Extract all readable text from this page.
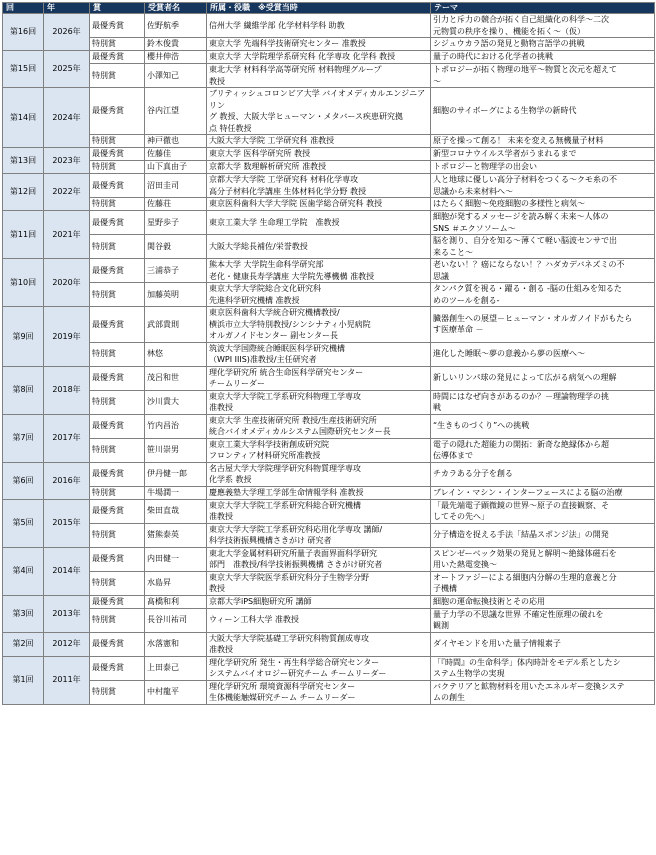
回	年	賞	受賞者名	所属・役職　※受賞当時	テーマ
第16回	2026年	最優秀賞	佐野航季	信州大学 繊維学部 化学材料学科 助教	引力と斥力の競合が拓く自己組織化の科学～二次
元物質の秩序を操り、機能を拓く～（仮）
		特別賞	鈴木俊貴	東京大学 先端科学技術研究センター 准教授	シジュウカラ語の発見と動物言語学の挑戦
第15回	2025年	最優秀賞	櫻井伸浩	東京大学 大学院理学系研究科 化学専攻 化学科 教授	量子の時代における化学者の挑戦
		特別賞	小澤知己	東北大学 材料科学高等研究所 材料物理グループ
教授	トポロジーが拓く物理の地平～物質と次元を超えて
～
第14回	2024年	最優秀賞	谷内江望	ブリティッシュコロンビア大学 バイオメディカルエンジニアリン
グ 教授、大阪大学ヒューマン・メタバース疾患研究拠
点 特任教授	細胞のサイボーグによる生物学の新時代
		特別賞	神戸徹也	大阪大学大学院 工学研究科 准教授	原子を操って創る！ 未来を変える無機量子材料
第13回	2023年	最優秀賞	佐藤佳	東京大学 医科学研究所 教授	新型コロナウイルス学者がうまれるまで
		特別賞	山下真由子	京都大学 数理解析研究所 准教授	トポロジーと物理学の出会い
第12回	2022年	最優秀賞	沼田圭司	京都大学大学院 工学研究科 材料化学専攻
高分子材料化学講座 生体材料化学分野 教授	人と地球に優しい高分子材料をつくる～クモ糸の不
思議から未来材料へ～
		特別賞	佐藤荘	東京医科歯科大学大学院 医歯学総合研究科 教授	はたらく細胞～免疫細胞の多様性と病気～
第11回	2021年	最優秀賞	星野歩子	東京工業大学 生命理工学院　准教授	細胞が発するメッセージを読み解く未来～人体の
SNS ＃エクソソーム～
		特別賞	関谷毅	大阪大学総長補佐/栄誉教授	脳を測り、自分を知る～薄くて軽い脳波センサで出
来ること～
第10回	2020年	最優秀賞	三浦恭子	熊本大学 大学院生命科学研究部
老化・健康長寿学講座 大学院先導機構 准教授	老いない！？癌にならない！？ハダカデバネズミの不
思議
		特別賞	加藤英明	東京大学大学院総合文化研究科
先進科学研究機構 准教授	タンパク質を視る・躍る・創る -脳の仕組みを知るた
めのツールを創る-
第9回	2019年	最優秀賞	武部貴則	東京医科歯科大学統合研究機構教授/
横浜市立大学特別教授/シンシナティ小児病院
オルガノイドセンター 副センター長	臓器創生への展望－ヒューマン・オルガノイドがもたら
す医療革命 －
		特別賞	林悠	筑波大学国際統合睡眠医科学研究機構
（WPI IIIS)准教授/主任研究者	進化した睡眠～夢の意義から夢の医療へ～
第8回	2018年	最優秀賞	茂呂和世	理化学研究所 統合生命医科学研究センター
チームリーダー	新しいリンパ球の発見によって広がる病気への理解
		特別賞	沙川貴大	東京大学大学院工学系研究科物理工学専攻
准教授	時間にはなぜ向きがあるのか？－理論物理学の挑
戦
第7回	2017年	最優秀賞	竹内昌治	東京大学 生産技術研究所 教授/生産技術研究所
統合バイオメディカルシステム国際研究センター長	“生きものづくり”への挑戦
		特別賞	笹川崇男	東京工業大学科学技術創成研究院
フロンティア材料研究所准教授	電子の隠れた超能力の開拓：新奇な絶縁体から超
伝導体まで
第6回	2016年	最優秀賞	伊丹健一郎	名古屋大学大学院理学研究科物質理学専攻
化学系 教授	チカラある分子を創る
		特別賞	牛場潤一	慶應義塾大学理工学部生命情報学科 准教授	ブレイン・マシン・インターフェースによる脳の治療
第5回	2015年	最優秀賞	柴田直哉	東京大学大学院工学系研究科総合研究機構
准教授	「最先端電子顕微鏡の世界～原子の直接観察、そ
してその先へ」
		特別賞	猪熊泰英	東京大学大学院工学系研究科応用化学専攻 講師/
科学技術振興機構さきがけ 研究者	分子構造を捉える手法「結晶スポンジ法」の開発
第4回	2014年	最優秀賞	内田健一	東北大学金属材料研究所量子表面界面科学研究
部門　准教授/科学技術振興機構 さきがけ研究者	スピンゼーベック効果の発見と解明～絶縁体磁石を
用いた熱電変換～
		特別賞	水島昇	東京大学大学院医学系研究科分子生物学分野
教授	オートファジーによる細胞内分解の生理的意義と分
子機構
第3回	2013年	最優秀賞	髙橋和利	京都大学iPS細胞研究所 講師	細胞の運命転換技術とその応用
		特別賞	長谷川祐司	ウィーン工科大学 准教授	量子力学の不思議な世界 不確定性原理の破れを
観測
第2回	2012年	最優秀賞	水落憲和	大阪大学大学院基礎工学研究科物質創成専攻
准教授	ダイヤモンドを用いた量子情報素子
第1回	2011年	最優秀賞	上田泰己	理化学研究所 発生・再生科学総合研究センター
システムバイオロジー研究チーム チームリーダー	「『時間』の生命科学」体内時計をモデル系としたシ
ステム生物学の実現
		特別賞	中村龍平	理化学研究所 環境資源科学研究センター
生体機能触媒研究チーム チームリーダー	バクテリアと鉱物材料を用いたエネルギー変換システ
ムの創生
